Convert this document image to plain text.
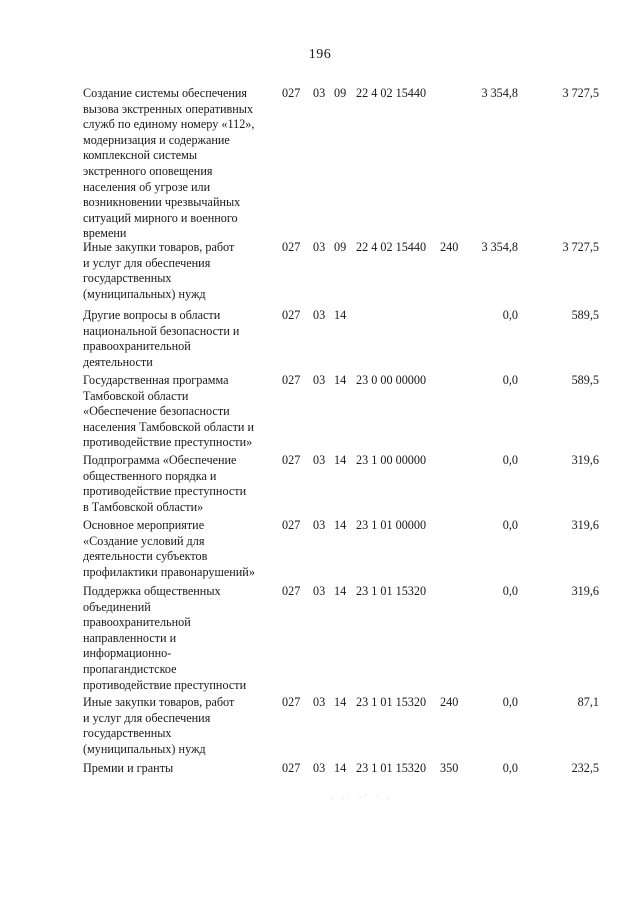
196
Создание системы обеспечения
вызова экстренных оперативных
служб по единому номеру «112»,
модернизация и содержание
комплексной системы
экстренного оповещения
населения об угрозе или
возникновении чрезвычайных
ситуаций мирного и военного
времени
027 03 09 22 4 02 15440	3 354,8	3 727,5
Иные закупки товаров, работ
и услуг для обеспечения
государственных
(муниципальных) нужд
027 03 09 22 4 02 15440 240 3 354,8	3 727,5
Другие вопросы в области
национальной безопасности и
правоохранительной
деятельности
027 03 14	0,0	589,5
Государственная программа
Тамбовской области
«Обеспечение безопасности
населения Тамбовской области и
противодействие преступности»
027 03 14 23 0 00 00000	0,0	589,5
Подпрограмма «Обеспечение
общественного порядка и
противодействие преступности
в Тамбовской области»
027 03 14 23 1 00 00000	0,0	319,6
Основное мероприятие
«Создание условий для
деятельности субъектов
профилактики правонарушений»
027 03 14 23 1 01 00000	0,0	319,6
Поддержка общественных
объединений
правоохранительной
направленности и
информационно-
пропагандистское
противодействие преступности
027 03 14 23 1 01 15320	0,0	319,6
Иные закупки товаров, работ
и услуг для обеспечения
государственных
(муниципальных) нужд
027 03 14 23 1 01 15320 240	0,0	87,1
Премии и гранты	027 03 14 23 1 01 15320 350	0,0	232,5
· ·˙ ·˙ ˙ ·
